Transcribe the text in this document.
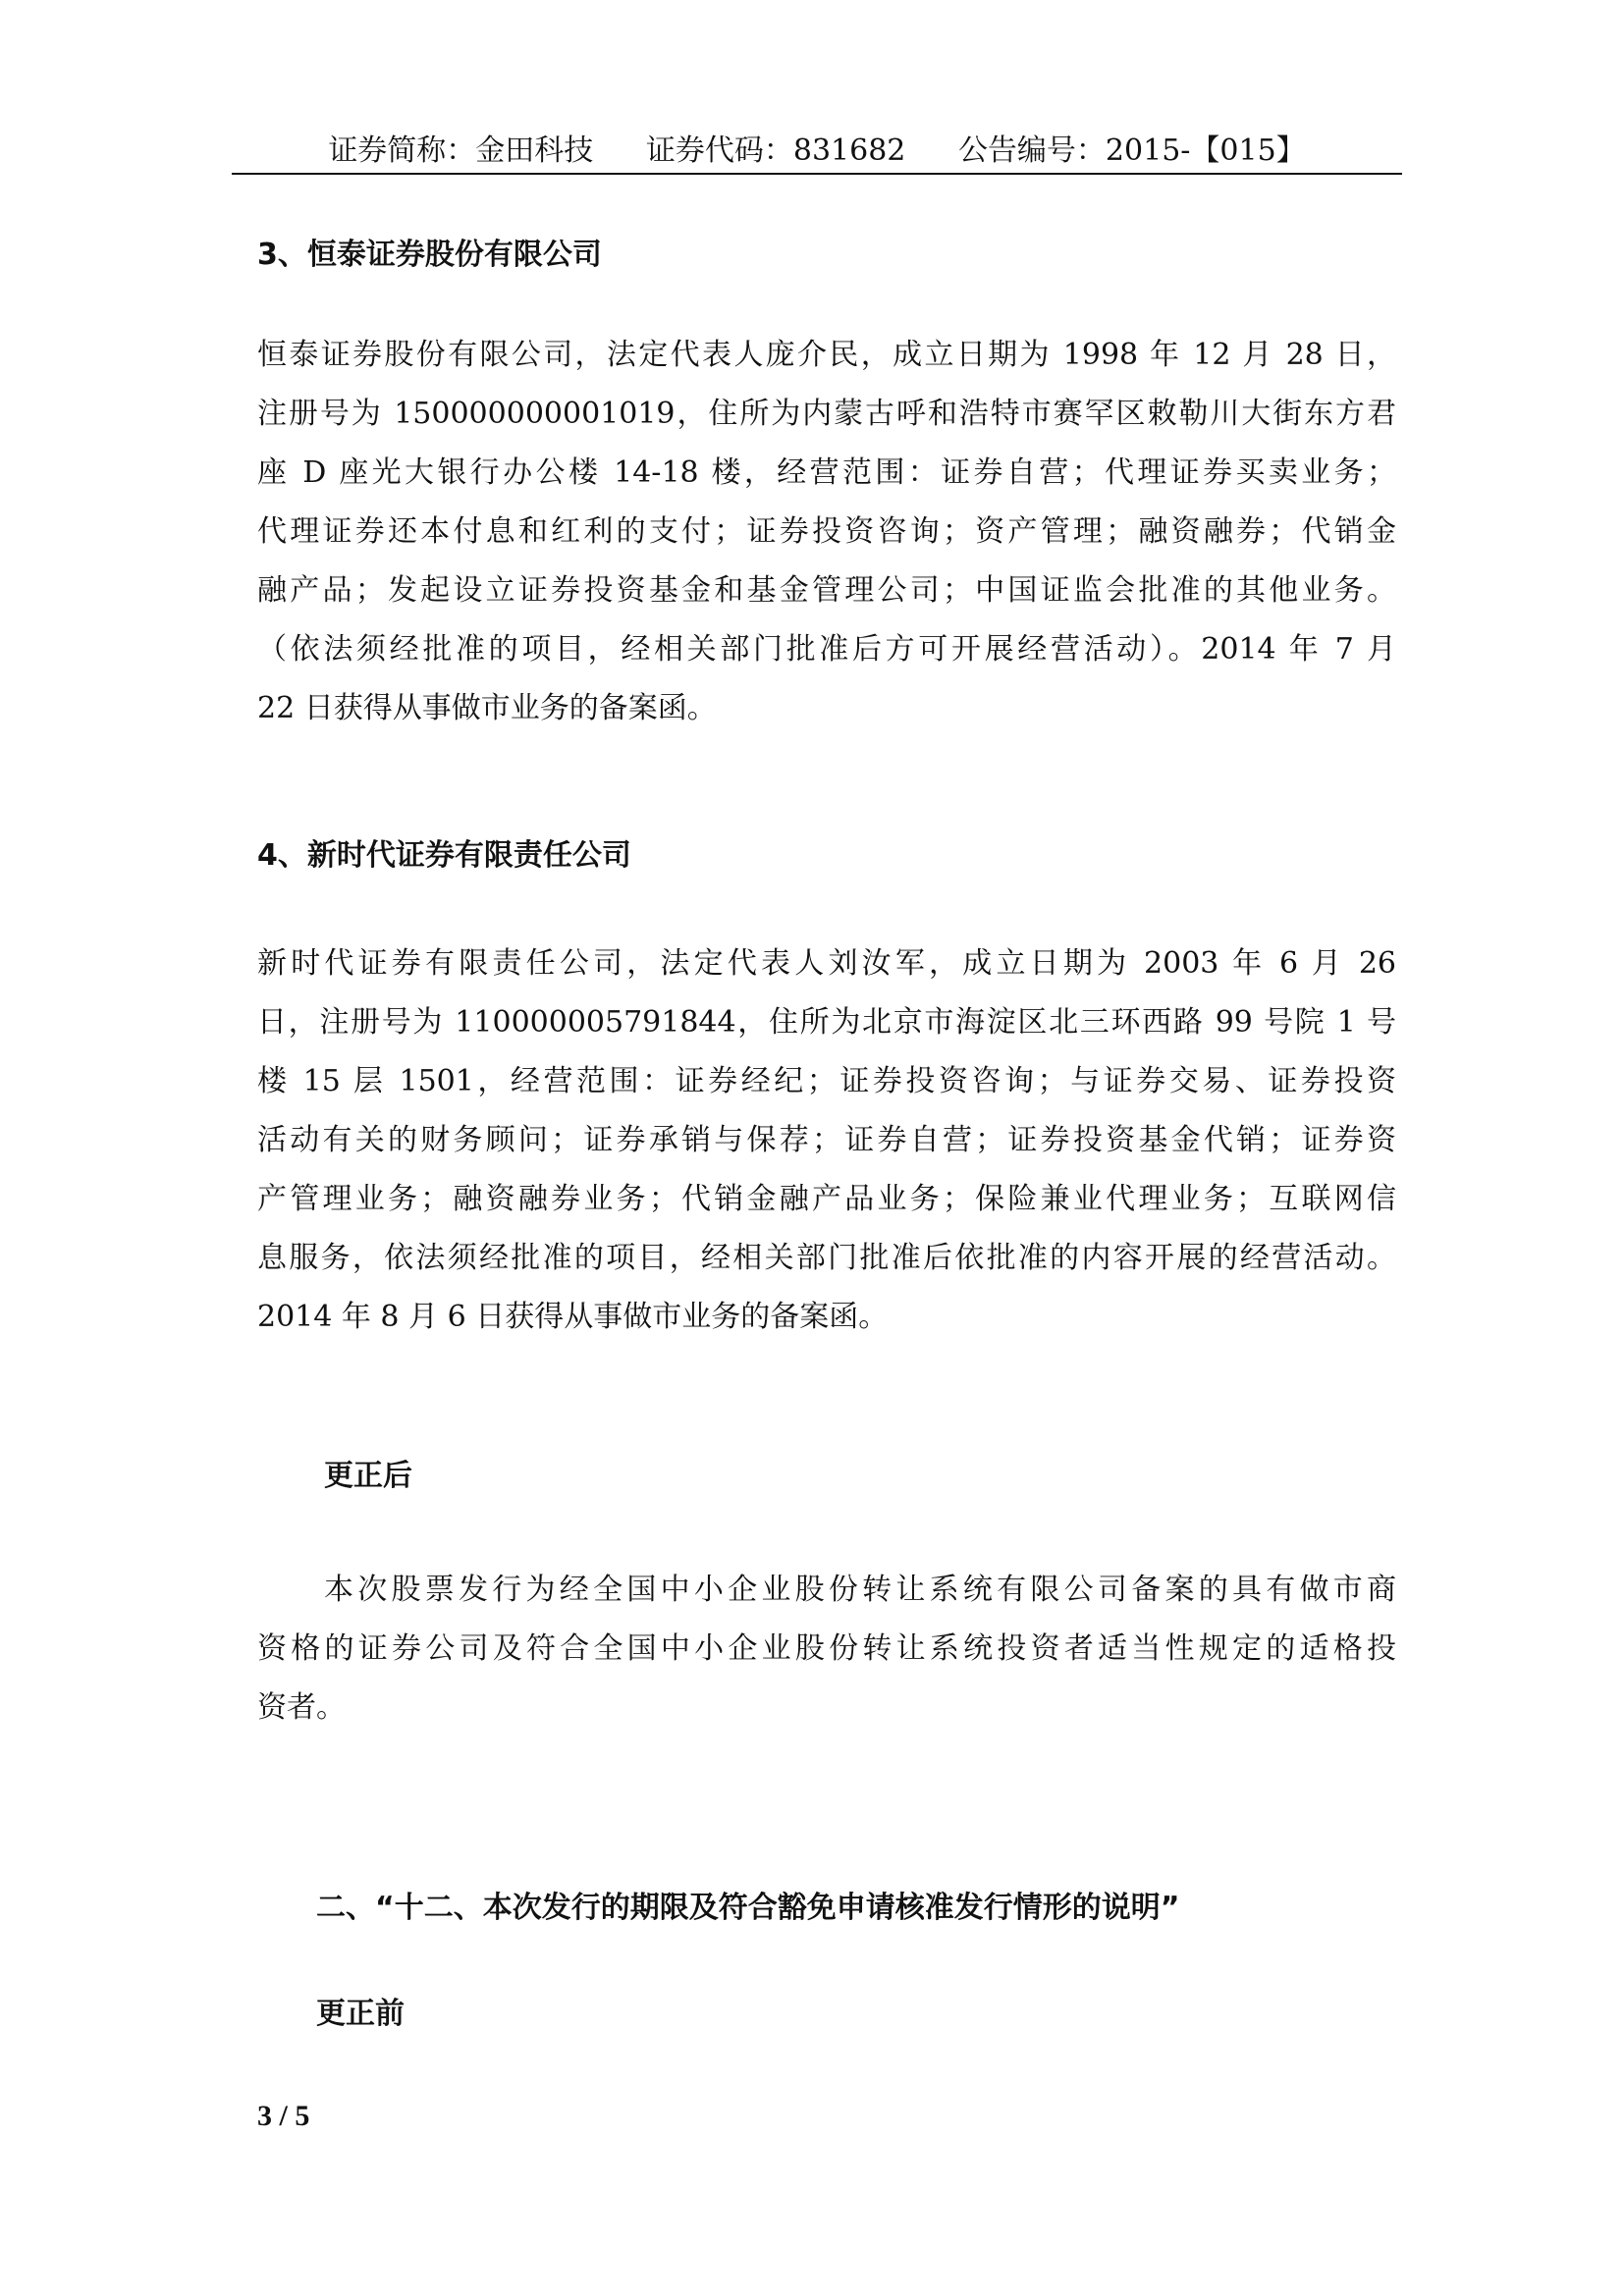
证券简称：金田科技 证券代码：831682 公告编号：2015-【015】
3、恒泰证券股份有限公司
恒泰证券股份有限公司，法定代表人庞介民，成立日期为 1998 年 12 月 28 日，
注册号为 150000000001019，住所为内蒙古呼和浩特市赛罕区敕勒川大街东方君
座 D 座光大银行办公楼 14-18 楼，经营范围：证券自营；代理证券买卖业务；
代理证券还本付息和红利的支付；证券投资咨询；资产管理；融资融券；代销金
融产品；发起设立证券投资基金和基金管理公司；中国证监会批准的其他业务。
（依法须经批准的项目，经相关部门批准后方可开展经营活动）。2014 年 7 月
22 日获得从事做市业务的备案函。
4、新时代证券有限责任公司
新时代证券有限责任公司，法定代表人刘汝军，成立日期为 2003 年 6 月 26
日，注册号为 110000005791844，住所为北京市海淀区北三环西路 99 号院 1 号
楼 15 层 1501，经营范围：证券经纪；证券投资咨询；与证券交易、证券投资
活动有关的财务顾问；证券承销与保荐；证券自营；证券投资基金代销；证券资
产管理业务；融资融券业务；代销金融产品业务；保险兼业代理业务；互联网信
息服务，依法须经批准的项目，经相关部门批准后依批准的内容开展的经营活动。
2014 年 8 月 6 日获得从事做市业务的备案函。
更正后
本次股票发行为经全国中小企业股份转让系统有限公司备案的具有做市商
资格的证券公司及符合全国中小企业股份转让系统投资者适当性规定的适格投
资者。
二、“十二、本次发行的期限及符合豁免申请核准发行情形的说明”
更正前
3 / 5
